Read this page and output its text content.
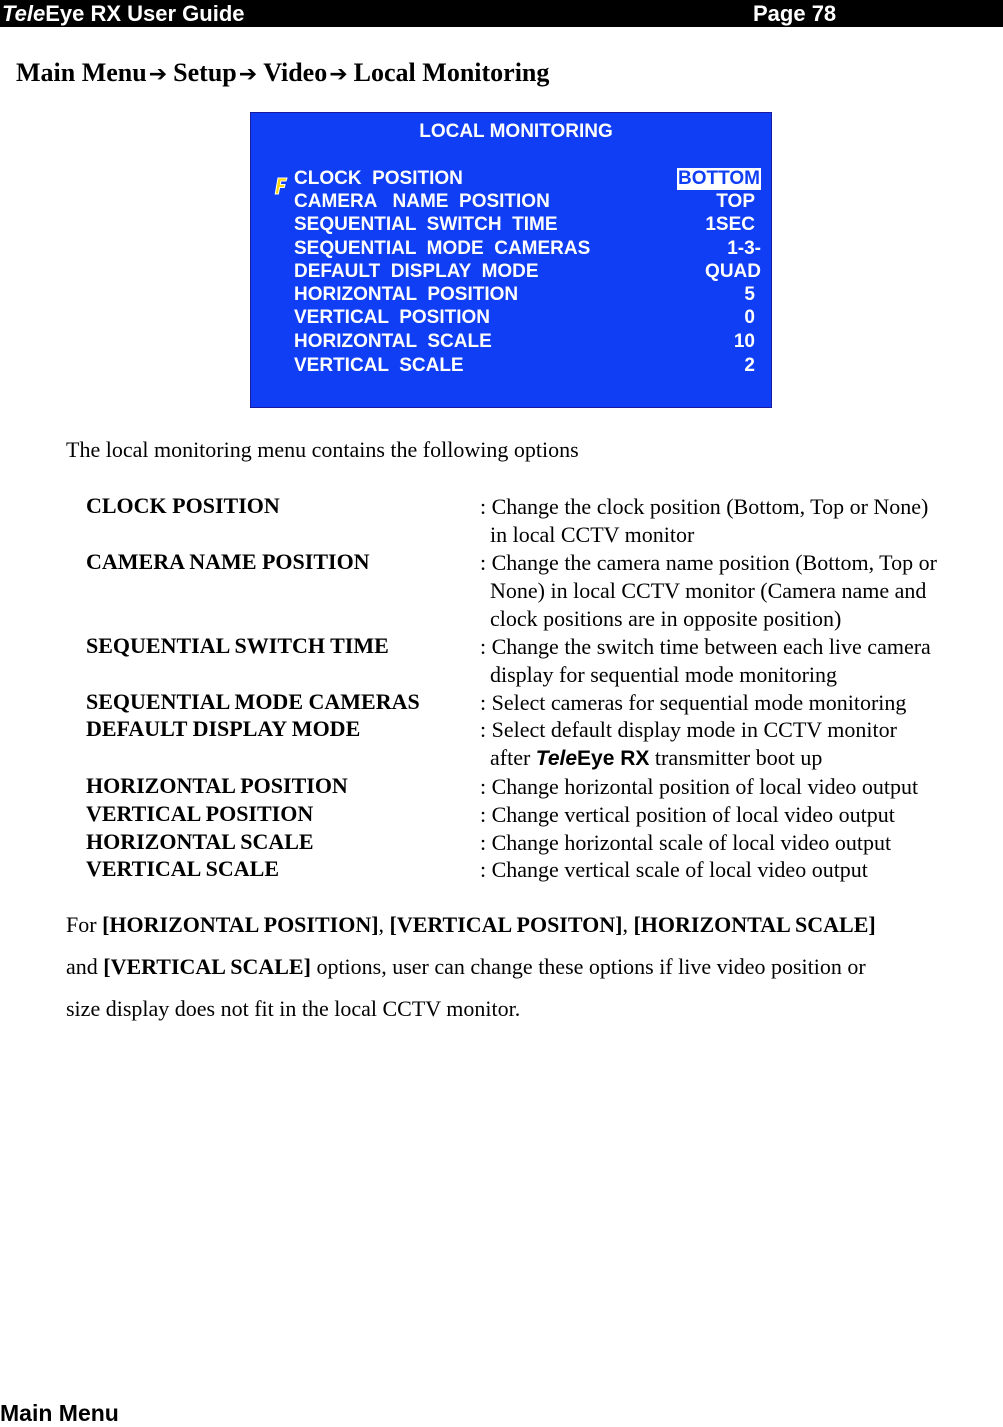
TeleEye RX User Guide	Page 78
Main Menu➔ Setup➔ Video➔ Local Monitoring
LOCAL MONITORING
CLOCK  POSITION	BOTTOM
CAMERA   NAME  POSITION	TOP
SEQUENTIAL  SWITCH  TIME	1SEC
SEQUENTIAL  MODE  CAMERAS	1-3-
DEFAULT  DISPLAY  MODE	QUAD
HORIZONTAL  POSITION	5
VERTICAL  POSITION	0
HORIZONTAL  SCALE	10
VERTICAL  SCALE	2
The local monitoring menu contains the following options
CLOCK POSITION	: Change the clock position (Bottom, Top or None)
in local CCTV monitor
CAMERA NAME POSITION	: Change the camera name position (Bottom, Top or
None) in local CCTV monitor (Camera name and
clock positions are in opposite position)
SEQUENTIAL SWITCH TIME	: Change the switch time between each live camera
display for sequential mode monitoring
SEQUENTIAL MODE CAMERAS	: Select cameras for sequential mode monitoring
DEFAULT DISPLAY MODE	: Select default display mode in CCTV monitor
after TeleEye RX transmitter boot up
HORIZONTAL POSITION	: Change horizontal position of local video output
VERTICAL POSITION	: Change vertical position of local video output
HORIZONTAL SCALE	: Change horizontal scale of local video output
VERTICAL SCALE	: Change vertical scale of local video output
For [HORIZONTAL POSITION], [VERTICAL POSITON], [HORIZONTAL SCALE]
and [VERTICAL SCALE] options, user can change these options if live video position or
size display does not fit in the local CCTV monitor.
Main Menu
